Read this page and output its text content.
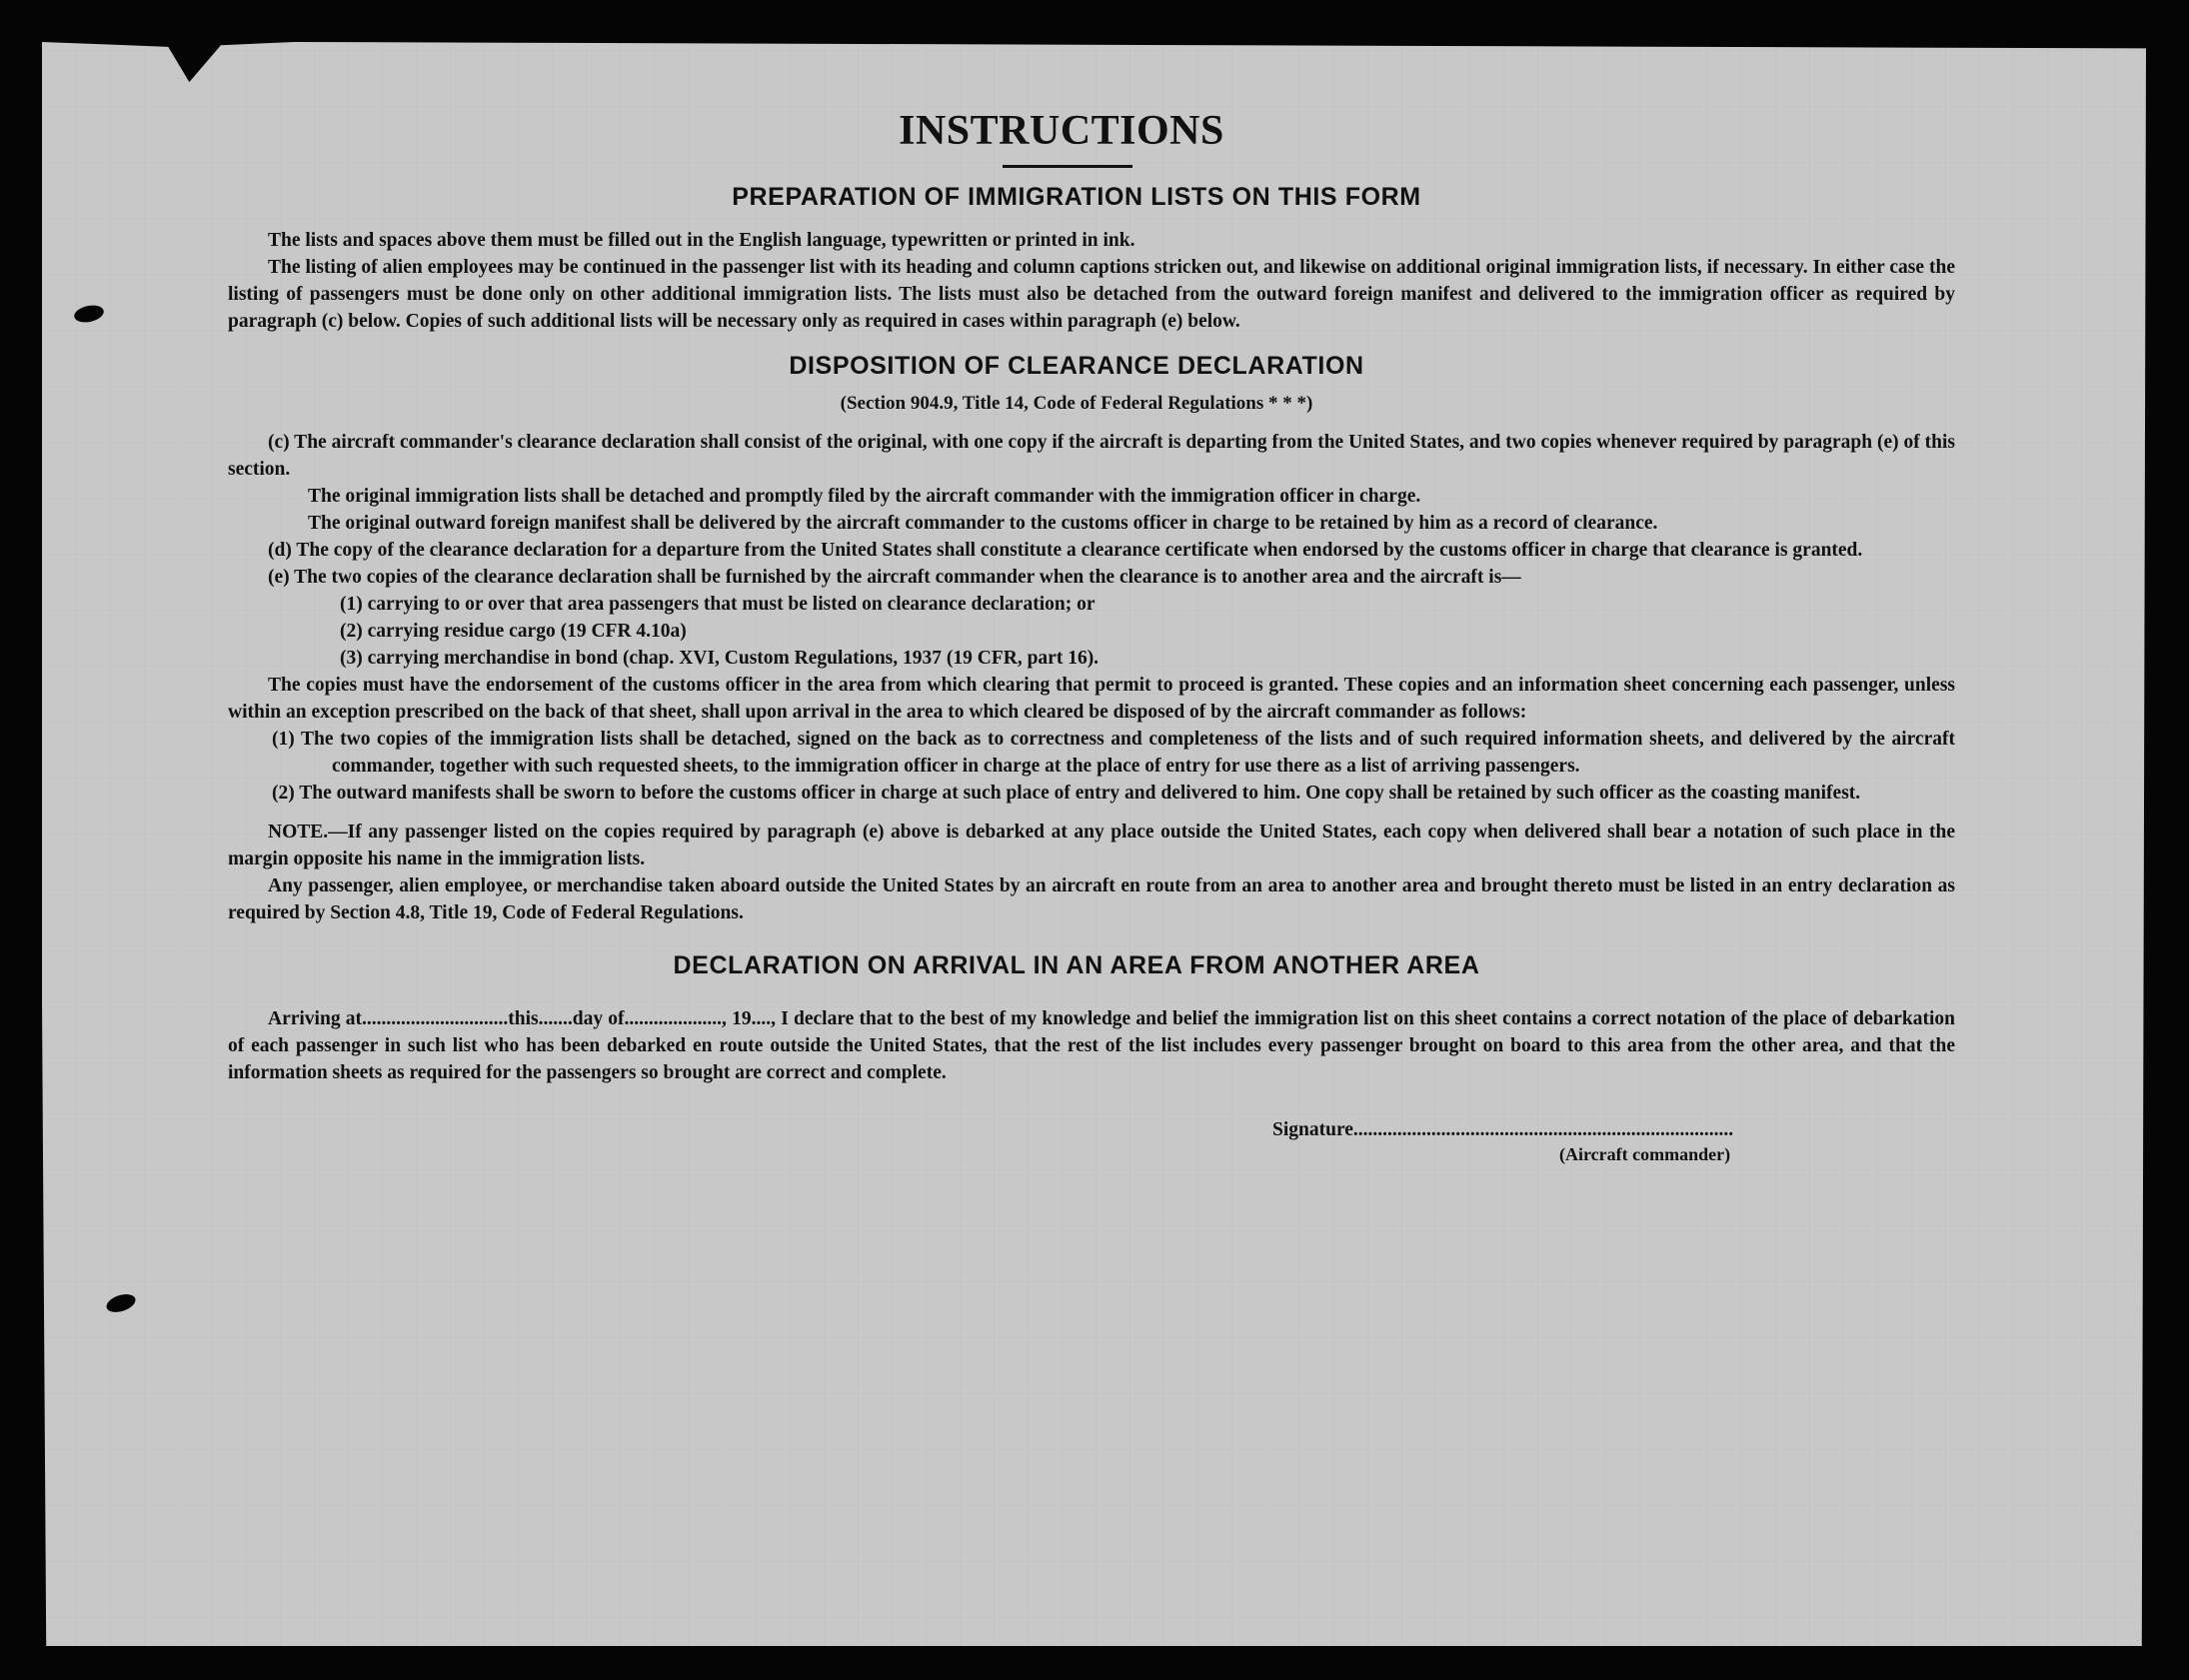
INSTRUCTIONS
PREPARATION OF IMMIGRATION LISTS ON THIS FORM

The lists and spaces above them must be filled out in the English language, typewritten or printed in ink.

The listing of alien employees may be continued in the passenger list with its heading and column captions stricken out, and likewise on additional original immigration lists, if necessary. In either case the listing of passengers must be done only on other additional immigration lists. The lists must also be detached from the outward foreign manifest and delivered to the immigration officer as required by paragraph (c) below. Copies of such additional lists will be necessary only as required in cases within paragraph (e) below.

DISPOSITION OF CLEARANCE DECLARATION
(Section 904.9, Title 14, Code of Federal Regulations * * *)

(c) The aircraft commander's clearance declaration shall consist of the original, with one copy if the aircraft is departing from the United States, and two copies whenever required by paragraph (e) of this section.

The original immigration lists shall be detached and promptly filed by the aircraft commander with the immigration officer in charge.

The original outward foreign manifest shall be delivered by the aircraft commander to the customs officer in charge to be retained by him as a record of clearance.

(d) The copy of the clearance declaration for a departure from the United States shall constitute a clearance certificate when endorsed by the customs officer in charge that clearance is granted.

(e) The two copies of the clearance declaration shall be furnished by the aircraft commander when the clearance is to another area and the aircraft is—

(1) carrying to or over that area passengers that must be listed on clearance declaration; or

(2) carrying residue cargo (19 CFR 4.10a)

(3) carrying merchandise in bond (chap. XVI, Custom Regulations, 1937 (19 CFR, part 16).

The copies must have the endorsement of the customs officer in the area from which clearing that permit to proceed is granted. These copies and an information sheet concerning each passenger, unless within an exception prescribed on the back of that sheet, shall upon arrival in the area to which cleared be disposed of by the aircraft commander as follows:

(1) The two copies of the immigration lists shall be detached, signed on the back as to correctness and completeness of the lists and of such required information sheets, and delivered by the aircraft commander, together with such requested sheets, to the immigration officer in charge at the place of entry for use there as a list of arriving passengers.

(2) The outward manifests shall be sworn to before the customs officer in charge at such place of entry and delivered to him. One copy shall be retained by such officer as the coasting manifest.

NOTE.—If any passenger listed on the copies required by paragraph (e) above is debarked at any place outside the United States, each copy when delivered shall bear a notation of such place in the margin opposite his name in the immigration lists.

Any passenger, alien employee, or merchandise taken aboard outside the United States by an aircraft en route from an area to another area and brought thereto must be listed in an entry declaration as required by Section 4.8, Title 19, Code of Federal Regulations.

DECLARATION ON ARRIVAL IN AN AREA FROM ANOTHER AREA

Arriving at..............................this.......day of...................., 19...., I declare that to the best of my knowledge and belief the immigration list on this sheet contains a correct notation of the place of debarkation of each passenger in such list who has been debarked en route outside the United States, that the rest of the list includes every passenger brought on board to this area from the other area, and that the information sheets as required for the passengers so brought are correct and complete.

Signature..............................................................................
(Aircraft commander)
